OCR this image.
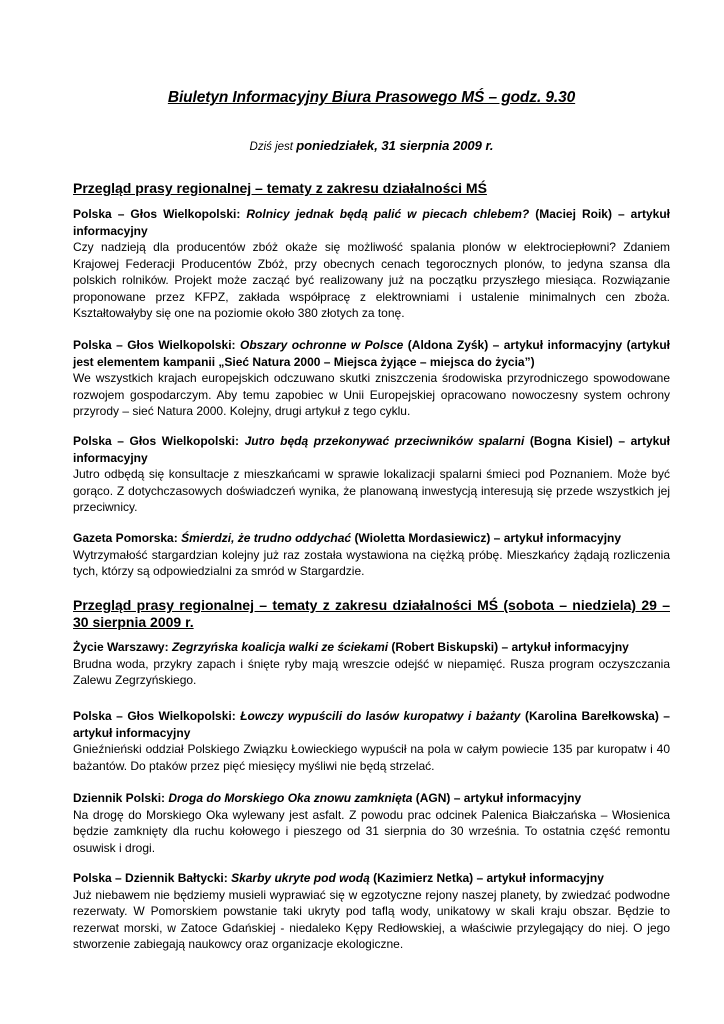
Biuletyn Informacyjny Biura Prasowego MŚ – godz. 9.30
Dziś jest poniedziałek, 31 sierpnia 2009 r.
Przegląd prasy regionalnej – tematy z zakresu działalności MŚ
Polska – Głos Wielkopolski: Rolnicy jednak będą palić w piecach chlebem? (Maciej Roik) – artykuł informacyjny
Czy nadzieją dla producentów zbóż okaże się możliwość spalania plonów w elektrociepłowni? Zdaniem Krajowej Federacji Producentów Zbóż, przy obecnych cenach tegorocznych plonów, to jedyna szansa dla polskich rolników. Projekt może zacząć być realizowany już na początku przyszłego miesiąca. Rozwiązanie proponowane przez KFPZ, zakłada współpracę z elektrowniami i ustalenie minimalnych cen zboża. Kształtowałyby się one na poziomie około 380 złotych za tonę.
Polska – Głos Wielkopolski: Obszary ochronne w Polsce (Aldona Zyśk) – artykuł informacyjny (artykuł jest elementem kampanii „Sieć Natura 2000 – Miejsca żyjące – miejsca do życia”)
We wszystkich krajach europejskich odczuwano skutki zniszczenia środowiska przyrodniczego spowodowane rozwojem gospodarczym. Aby temu zapobiec w Unii Europejskiej opracowano nowoczesny system ochrony przyrody – sieć Natura 2000. Kolejny, drugi artykuł z tego cyklu.
Polska – Głos Wielkopolski: Jutro będą przekonywać przeciwników spalarni (Bogna Kisiel) – artykuł informacyjny
Jutro odbędą się konsultacje z mieszkańcami w sprawie lokalizacji spalarni śmieci pod Poznaniem. Może być gorąco. Z dotychczasowych doświadczeń wynika, że planowaną inwestycją interesują się przede wszystkich jej przeciwnicy.
Gazeta Pomorska: Śmierdzi, że trudno oddychać (Wioletta Mordasiewicz) – artykuł informacyjny
Wytrzymałość stargardzian kolejny już raz została wystawiona na ciężką próbę. Mieszkańcy żądają rozliczenia tych, którzy są odpowiedzialni za smród w Stargardzie.
Przegląd prasy regionalnej – tematy z zakresu działalności MŚ (sobota – niedziela) 29 – 30 sierpnia 2009 r.
Życie Warszawy: Zegrzyńska koalicja walki ze ściekami (Robert Biskupski) – artykuł informacyjny
Brudna woda, przykry zapach i śnięte ryby mają wreszcie odejść w niepamięć. Rusza program oczyszczania Zalewu Zegrzyńskiego.
Polska – Głos Wielkopolski: Łowczy wypuścili do lasów kuropatwy i bażanty (Karolina Barełkowska) – artykuł informacyjny
Gnieźnieński oddział Polskiego Związku Łowieckiego wypuścił na pola w całym powiecie 135 par kuropatw i 40 bażantów. Do ptaków przez pięć miesięcy myśliwi nie będą strzelać.
Dziennik Polski: Droga do Morskiego Oka znowu zamknięta (AGN) – artykuł informacyjny
Na drogę do Morskiego Oka wylewany jest asfalt. Z powodu prac odcinek Palenica Białczańska – Włosienica będzie zamknięty dla ruchu kołowego i pieszego od 31 sierpnia do 30 września. To ostatnia część remontu osuwisk i drogi.
Polska – Dziennik Bałtycki: Skarby ukryte pod wodą (Kazimierz Netka) – artykuł informacyjny
Już niebawem nie będziemy musieli wyprawiać się w egzotyczne rejony naszej planety, by zwiedzać podwodne rezerwaty. W Pomorskiem powstanie taki ukryty pod taflą wody, unikatowy w skali kraju obszar. Będzie to rezerwat morski, w Zatoce Gdańskiej - niedaleko Kępy Redłowskiej, a właściwie przylegający do niej. O jego stworzenie zabiegają naukowcy oraz organizacje ekologiczne.
